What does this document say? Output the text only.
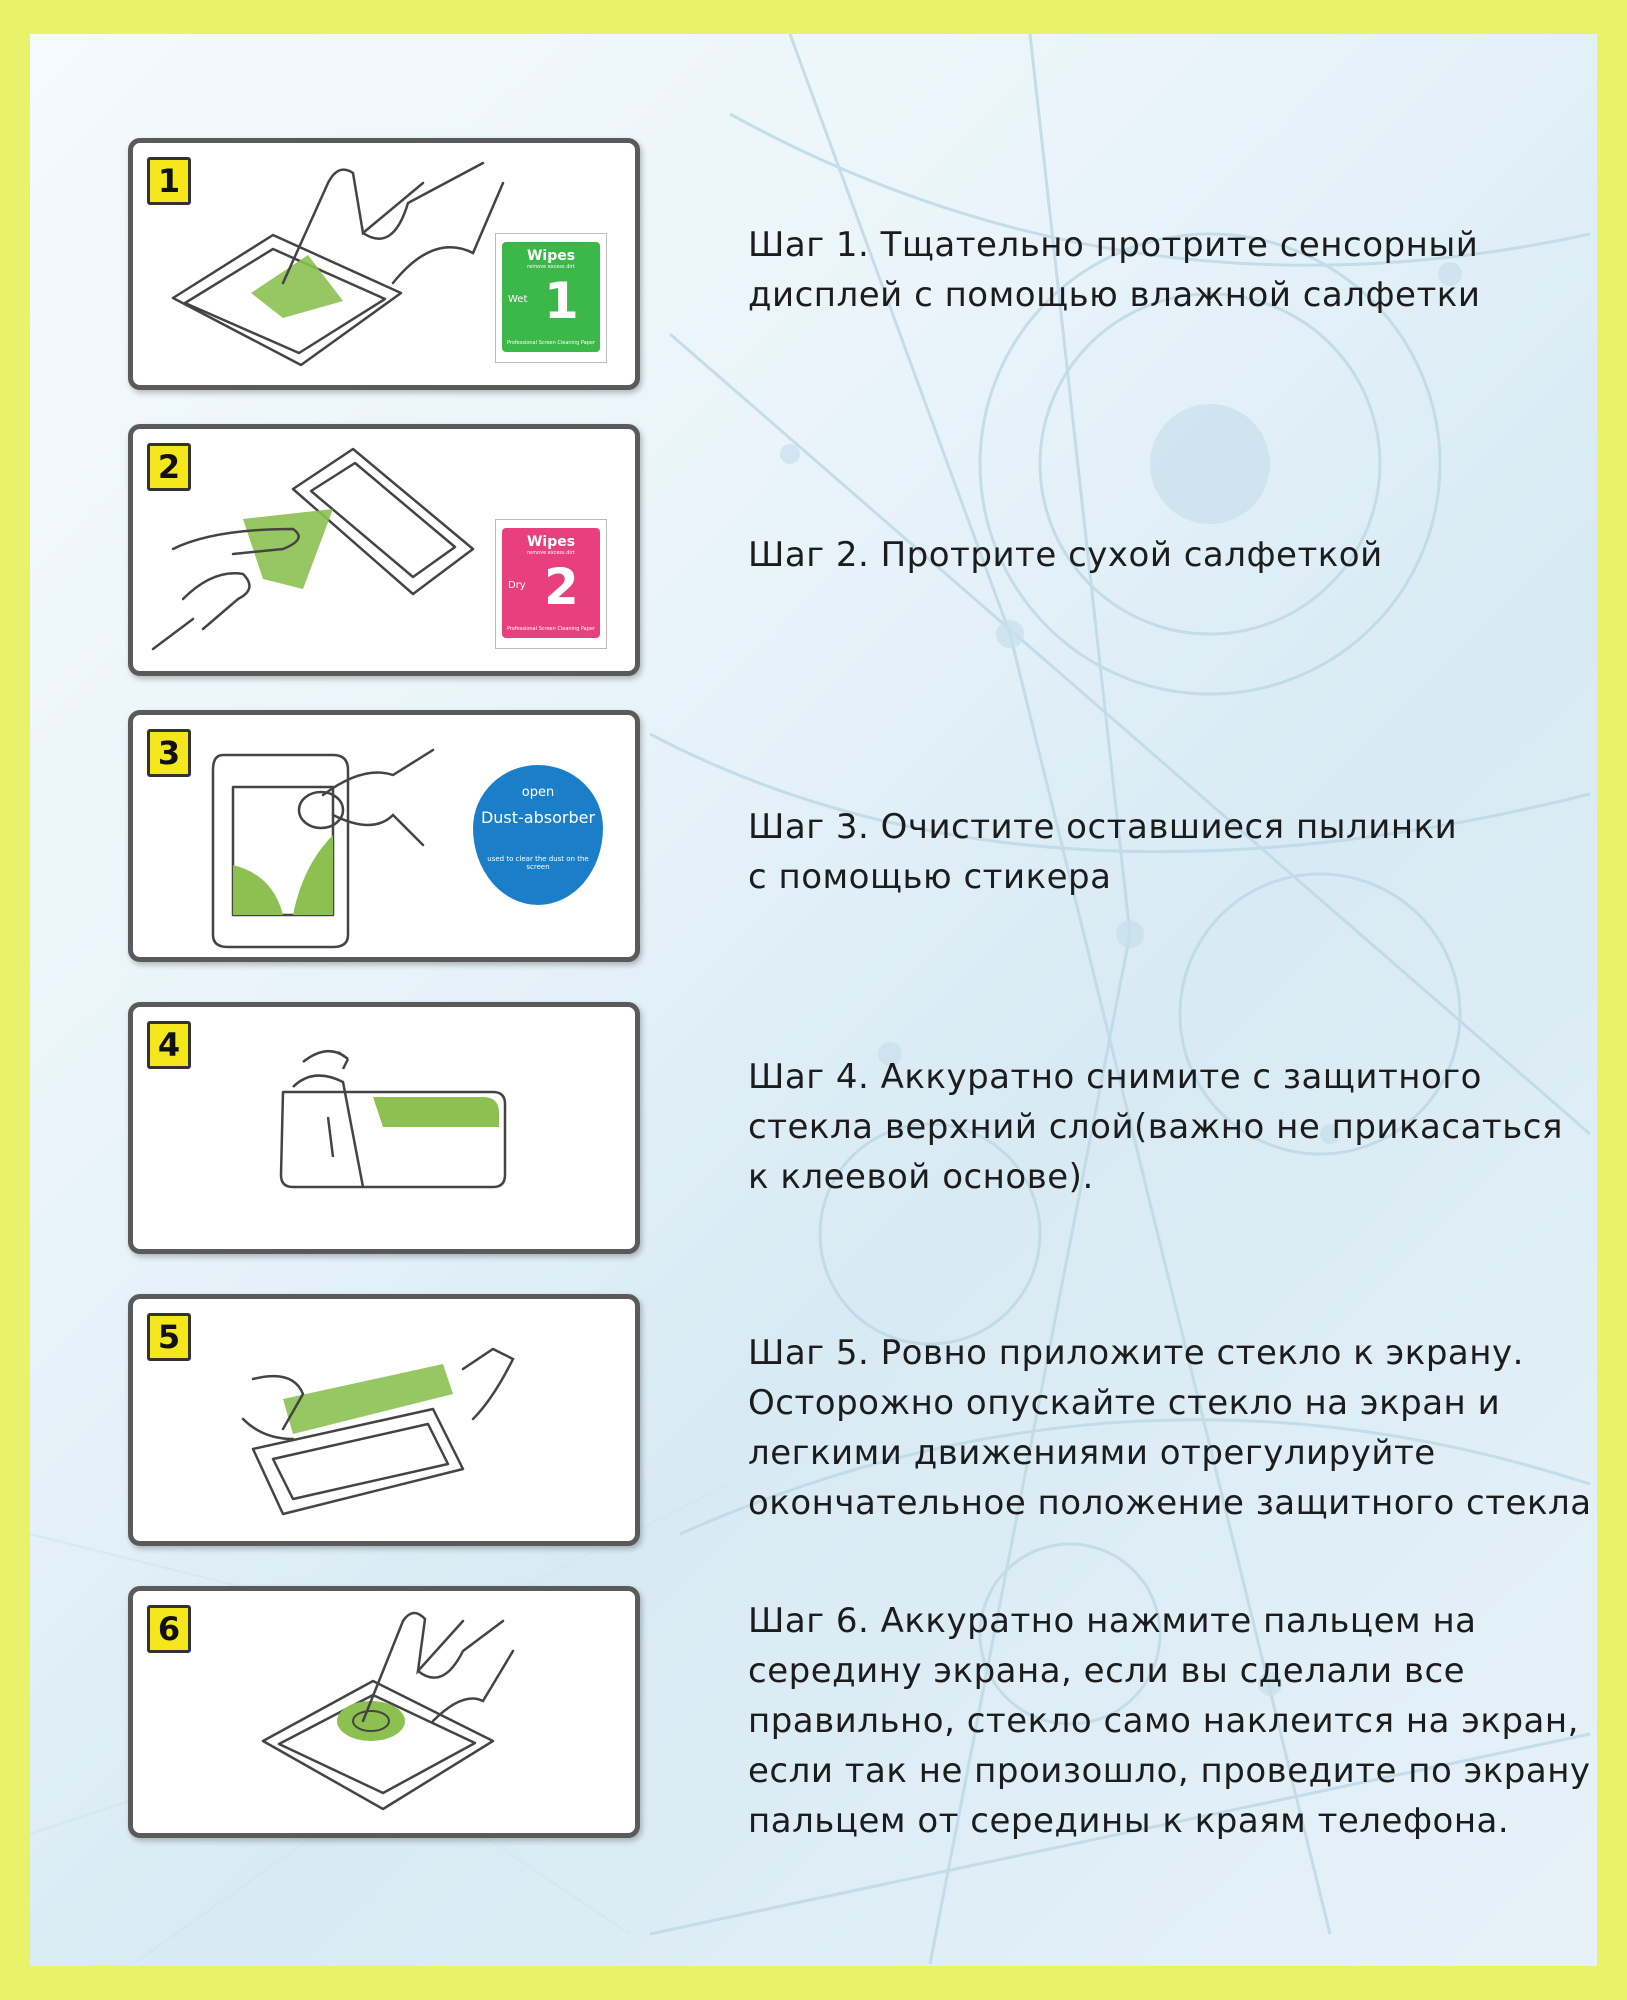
1
Wipes
remove excess dirt
Wet 1
Professional Screen Cleaning Paper
2
Wipes
remove excess dirt
Dry 2
Professional Screen Cleaning Paper
3
open
Dust-absorber
used to clear the dust on the screen
4
5
6
Шаг 1. Тщательно протрите сенсорный
дисплей с помощью влажной салфетки
Шаг 2. Протрите сухой салфеткой
Шаг 3. Очистите оставшиеся пылинки
с помощью стикера
Шаг 4. Аккуратно снимите с защитного
стекла верхний слой(важно не прикасаться
к клеевой основе).
Шаг 5. Ровно приложите стекло к экрану.
Осторожно опускайте стекло на экран и
легкими движениями отрегулируйте
окончательное положение защитного стекла
Шаг 6. Аккуратно нажмите пальцем на
середину экрана, если вы сделали все
правильно, стекло само наклеится на экран,
если так не произошло, проведите по экрану
пальцем от середины к краям телефона.
